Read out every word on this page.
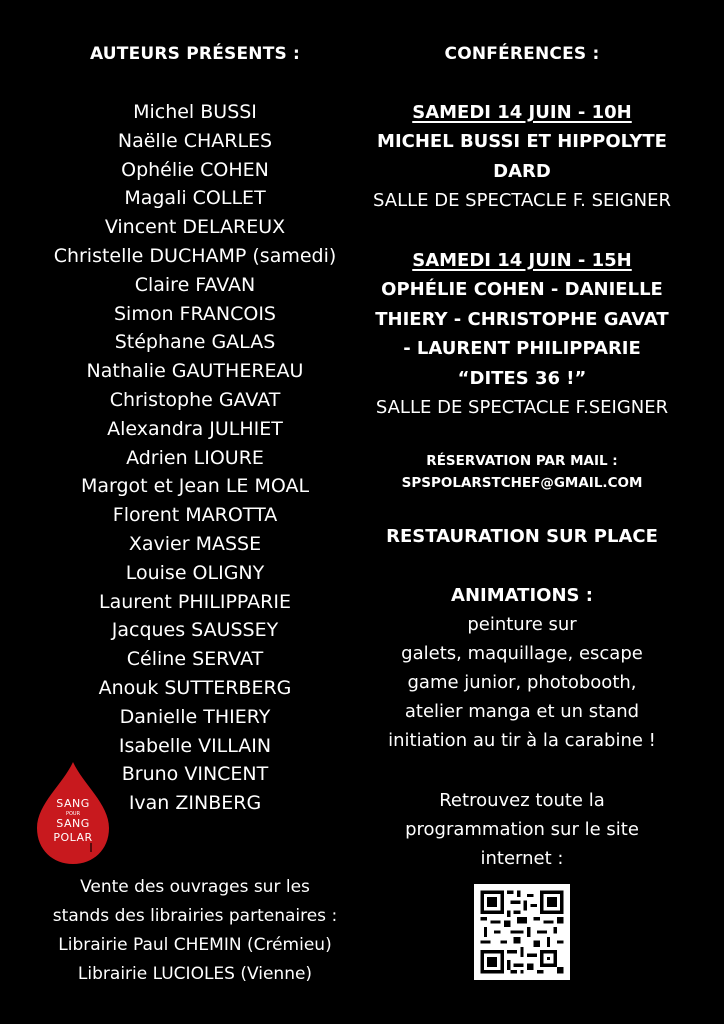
AUTEURS PRÉSENTS :
Michel BUSSI
Naëlle CHARLES
Ophélie COHEN
Magali COLLET
Vincent DELAREUX
Christelle DUCHAMP (samedi)
Claire FAVAN
Simon FRANCOIS
Stéphane GALAS
Nathalie GAUTHEREAU
Christophe GAVAT
Alexandra JULHIET
Adrien LIOURE
Margot et Jean LE MOAL
Florent MAROTTA
Xavier MASSE
Louise OLIGNY
Laurent PHILIPPARIE
Jacques SAUSSEY
Céline SERVAT
Anouk SUTTERBERG
Danielle THIERY
Isabelle VILLAIN
Bruno VINCENT
Ivan ZINBERG
SANG
POUR
SANG
POLAR
Vente des ouvrages sur les
stands des librairies partenaires :
Librairie Paul CHEMIN (Crémieu)
Librairie LUCIOLES (Vienne)
CONFÉRENCES :
SAMEDI 14 JUIN - 10H
MICHEL BUSSI ET HIPPOLYTE
DARD
SALLE DE SPECTACLE F. SEIGNER
SAMEDI 14 JUIN - 15H
OPHÉLIE COHEN - DANIELLE
THIERY - CHRISTOPHE GAVAT
- LAURENT PHILIPPARIE
“DITES 36 !”
SALLE DE SPECTACLE F.SEIGNER
RÉSERVATION PAR MAIL :
SPSPOLARSTCHEF@GMAIL.COM
RESTAURATION SUR PLACE
ANIMATIONS :
peinture sur
galets, maquillage, escape
game junior, photobooth,
atelier manga et un stand
initiation au tir à la carabine !
Retrouvez toute la
programmation sur le site
internet :
